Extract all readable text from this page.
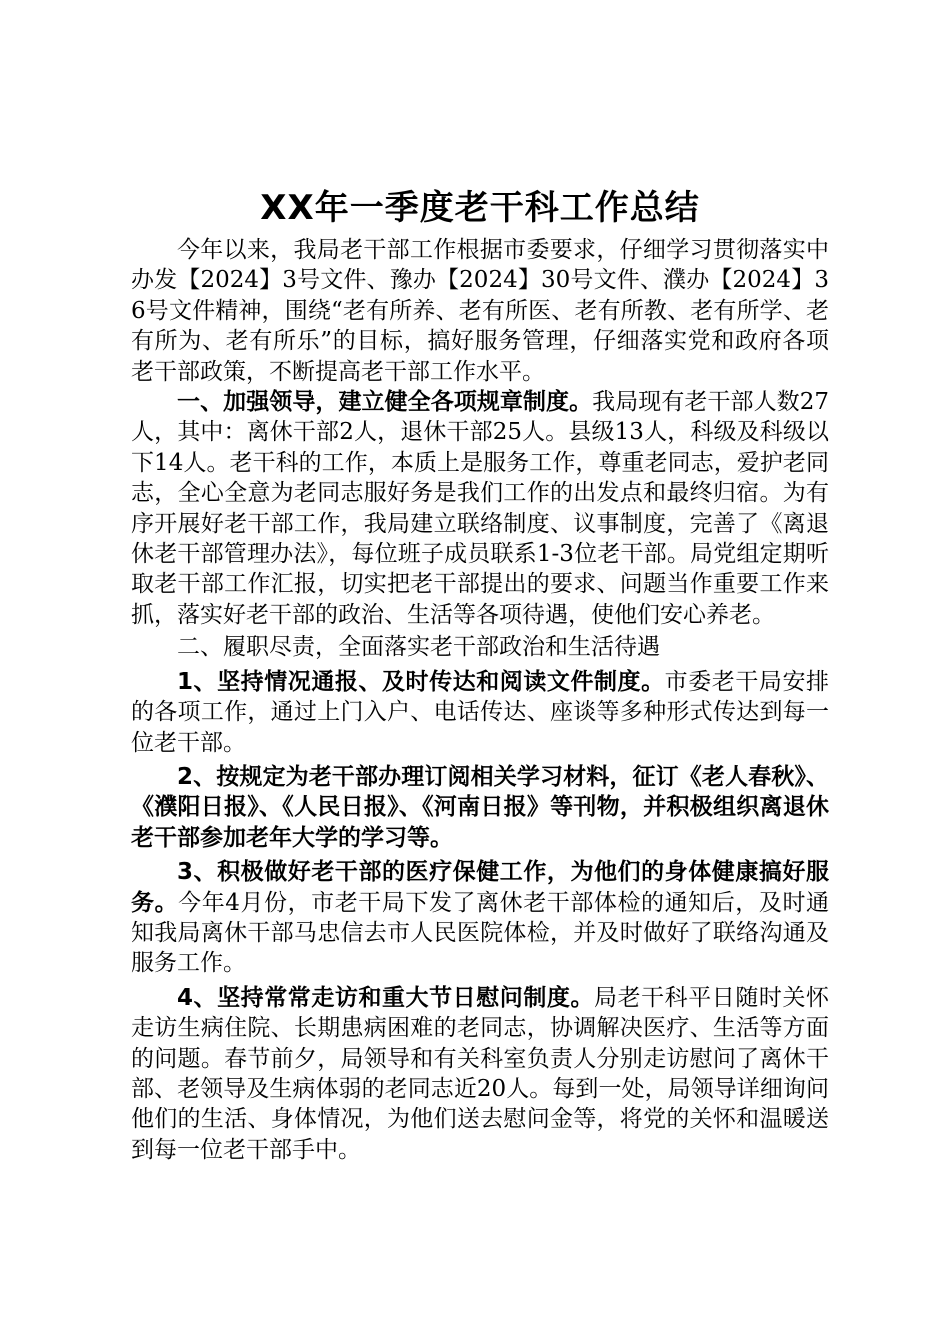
XX年一季度老干科工作总结

今年以来，我局老干部工作根据市委要求，仔细学习贯彻落实中办发【2024】3号文件、豫办【2024】30号文件、濮办【2024】36号文件精神，围绕“老有所养、老有所医、老有所教、老有所学、老有所为、老有所乐”的目标，搞好服务管理，仔细落实党和政府各项老干部政策，不断提高老干部工作水平。

一、加强领导，建立健全各项规章制度。我局现有老干部人数27人，其中：离休干部2人，退休干部25人。县级13人，科级及科级以下14人。老干科的工作，本质上是服务工作，尊重老同志，爱护老同志，全心全意为老同志服好务是我们工作的出发点和最终归宿。为有序开展好老干部工作，我局建立联络制度、议事制度，完善了《离退休老干部管理办法》，每位班子成员联系1-3位老干部。局党组定期听取老干部工作汇报，切实把老干部提出的要求、问题当作重要工作来抓，落实好老干部的政治、生活等各项待遇，使他们安心养老。

二、履职尽责，全面落实老干部政治和生活待遇

1、坚持情况通报、及时传达和阅读文件制度。市委老干局安排的各项工作，通过上门入户、电话传达、座谈等多种形式传达到每一位老干部。

2、按规定为老干部办理订阅相关学习材料，征订《老人春秋》、《濮阳日报》、《人民日报》、《河南日报》等刊物，并积极组织离退休老干部参加老年大学的学习等。

3、积极做好老干部的医疗保健工作，为他们的身体健康搞好服务。今年4月份，市老干局下发了离休老干部体检的通知后，及时通知我局离休干部马忠信去市人民医院体检，并及时做好了联络沟通及服务工作。

4、坚持常常走访和重大节日慰问制度。局老干科平日随时关怀走访生病住院、长期患病困难的老同志，协调解决医疗、生活等方面的问题。春节前夕，局领导和有关科室负责人分别走访慰问了离休干部、老领导及生病体弱的老同志近20人。每到一处，局领导详细询问他们的生活、身体情况，为他们送去慰问金等，将党的关怀和温暖送到每一位老干部手中。
